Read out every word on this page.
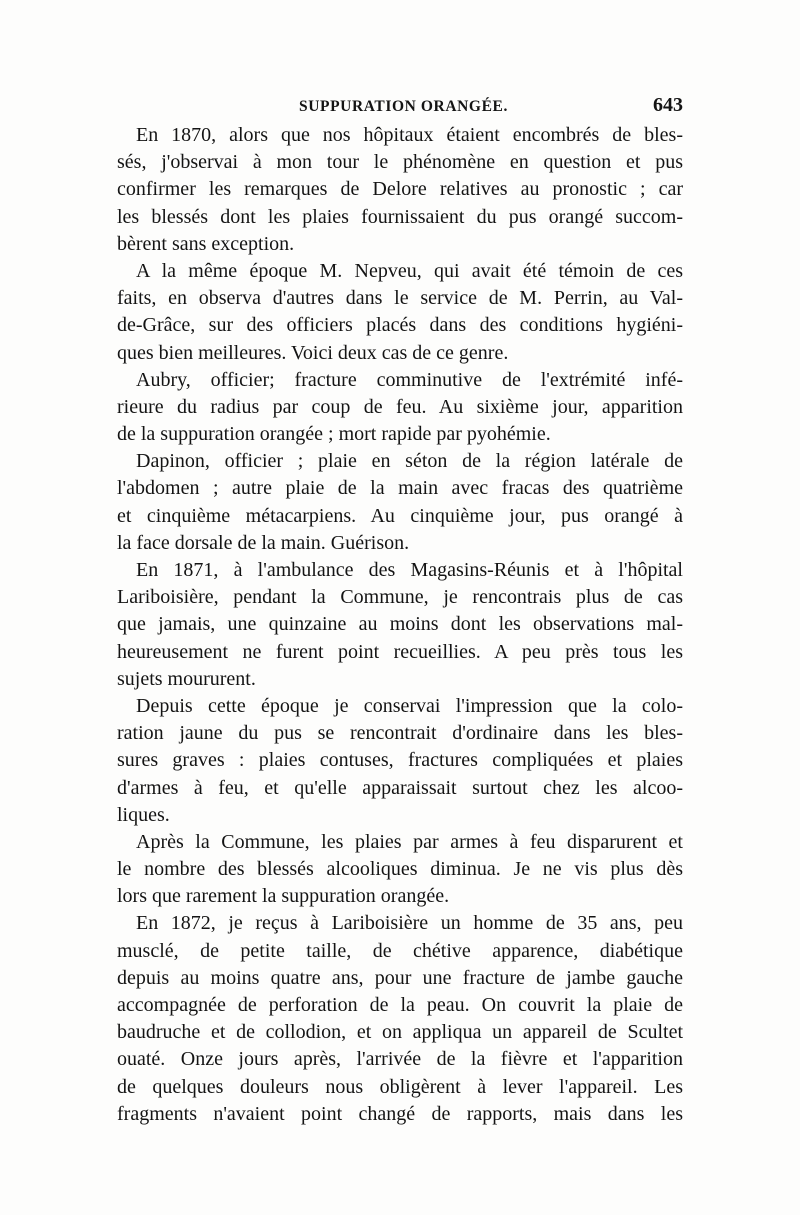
SUPPURATION ORANGÉE.	643
En 1870, alors que nos hôpitaux étaient encombrés de bles-
sés, j'observai à mon tour le phénomène en question et pus
confirmer les remarques de Delore relatives au pronostic ; car
les blessés dont les plaies fournissaient du pus orangé succom-
bèrent sans exception.
A la même époque M. Nepveu, qui avait été témoin de ces
faits, en observa d'autres dans le service de M. Perrin, au Val-
de-Grâce, sur des officiers placés dans des conditions hygiéni-
ques bien meilleures. Voici deux cas de ce genre.
Aubry, officier; fracture comminutive de l'extrémité infé-
rieure du radius par coup de feu. Au sixième jour, apparition
de la suppuration orangée ; mort rapide par pyohémie.
Dapinon, officier ; plaie en séton de la région latérale de
l'abdomen ; autre plaie de la main avec fracas des quatrième
et cinquième métacarpiens. Au cinquième jour, pus orangé à
la face dorsale de la main. Guérison.
En 1871, à l'ambulance des Magasins-Réunis et à l'hôpital
Lariboisière, pendant la Commune, je rencontrais plus de cas
que jamais, une quinzaine au moins dont les observations mal-
heureusement ne furent point recueillies. A peu près tous les
sujets moururent.
Depuis cette époque je conservai l'impression que la colo-
ration jaune du pus se rencontrait d'ordinaire dans les bles-
sures graves : plaies contuses, fractures compliquées et plaies
d'armes à feu, et qu'elle apparaissait surtout chez les alcoo-
liques.
Après la Commune, les plaies par armes à feu disparurent et
le nombre des blessés alcooliques diminua. Je ne vis plus dès
lors que rarement la suppuration orangée.
En 1872, je reçus à Lariboisière un homme de 35 ans, peu
musclé, de petite taille, de chétive apparence, diabétique
depuis au moins quatre ans, pour une fracture de jambe gauche
accompagnée de perforation de la peau. On couvrit la plaie de
baudruche et de collodion, et on appliqua un appareil de Scultet
ouaté. Onze jours après, l'arrivée de la fièvre et l'apparition
de quelques douleurs nous obligèrent à lever l'appareil. Les
fragments n'avaient point changé de rapports, mais dans les
